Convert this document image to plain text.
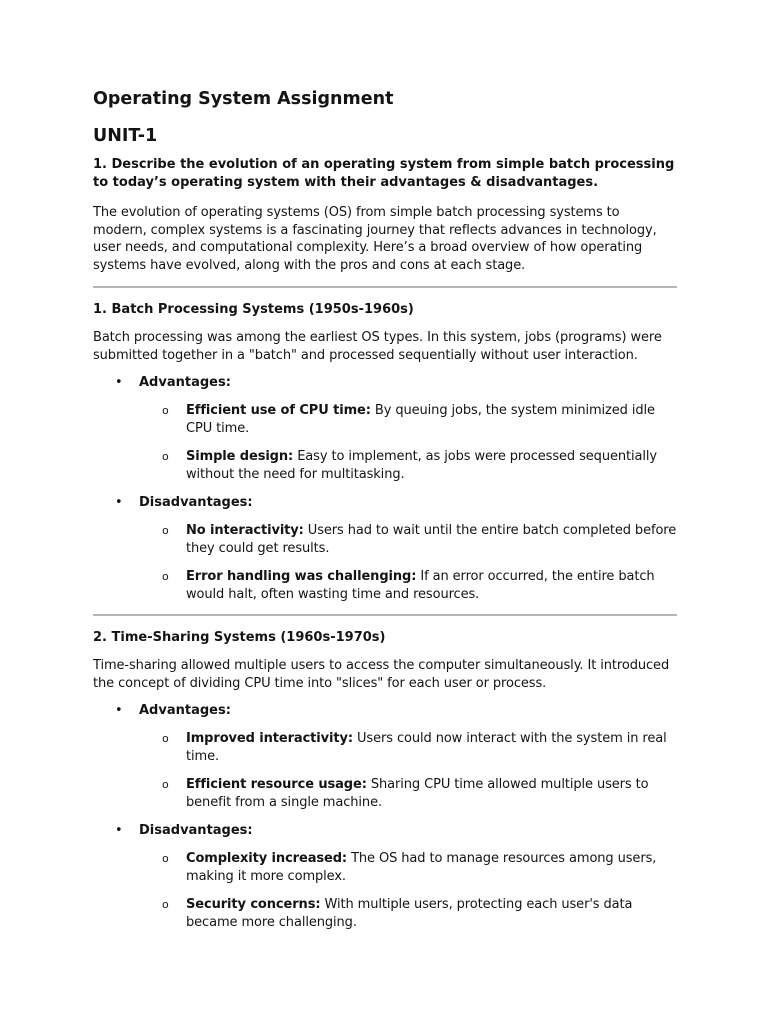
Operating System Assignment
UNIT-1
1. Describe the evolution of an operating system from simple batch processing to today’s operating system with their advantages & disadvantages.

The evolution of operating systems (OS) from simple batch processing systems to modern, complex systems is a fascinating journey that reflects advances in technology, user needs, and computational complexity. Here’s a broad overview of how operating systems have evolved, along with the pros and cons at each stage.

1. Batch Processing Systems (1950s-1960s)

Batch processing was among the earliest OS types. In this system, jobs (programs) were submitted together in a "batch" and processed sequentially without user interaction.

• Advantages:
o Efficient use of CPU time: By queuing jobs, the system minimized idle CPU time.
o Simple design: Easy to implement, as jobs were processed sequentially without the need for multitasking.
• Disadvantages:
o No interactivity: Users had to wait until the entire batch completed before they could get results.
o Error handling was challenging: If an error occurred, the entire batch would halt, often wasting time and resources.
2. Time-Sharing Systems (1960s-1970s)

Time-sharing allowed multiple users to access the computer simultaneously. It introduced the concept of dividing CPU time into "slices" for each user or process.

• Advantages:
o Improved interactivity: Users could now interact with the system in real time.
o Efficient resource usage: Sharing CPU time allowed multiple users to benefit from a single machine.
• Disadvantages:
o Complexity increased: The OS had to manage resources among users, making it more complex.
o Security concerns: With multiple users, protecting each user's data became more challenging.
